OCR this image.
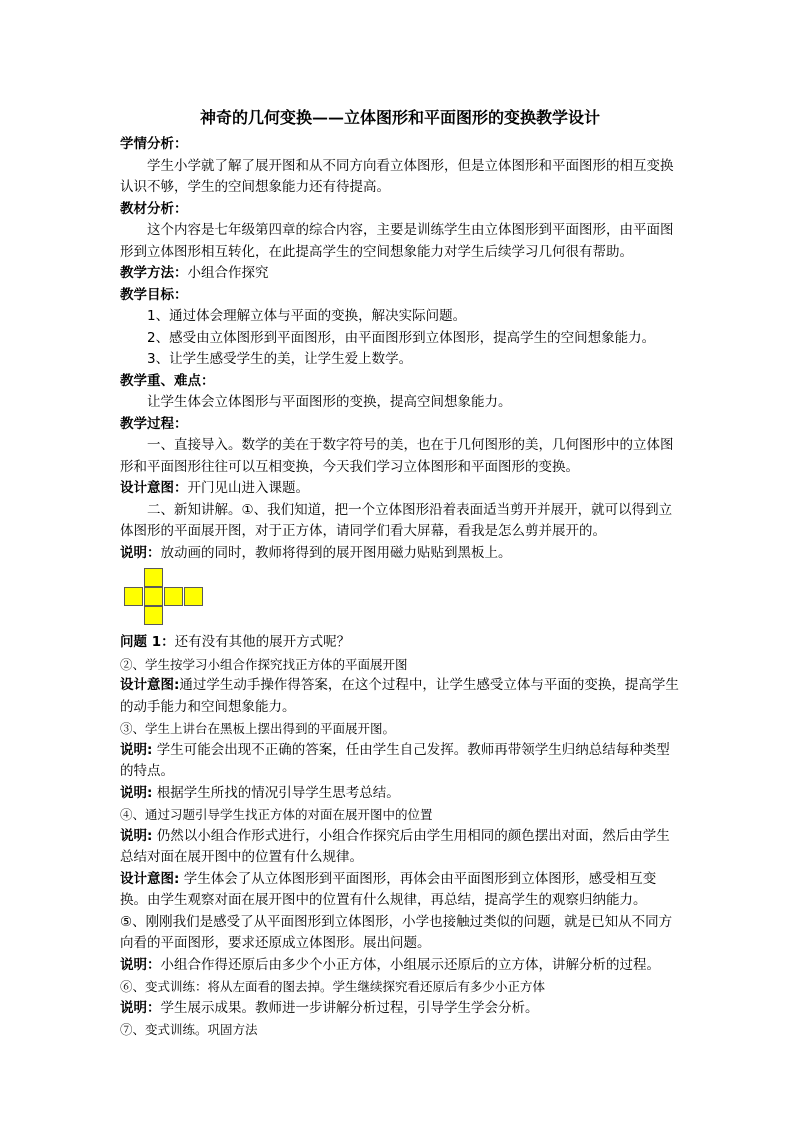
神奇的几何变换——立体图形和平面图形的变换教学设计
学情分析：
学生小学就了解了展开图和从不同方向看立体图形，但是立体图形和平面图形的相互变换认识不够，学生的空间想象能力还有待提高。
教材分析：
这个内容是七年级第四章的综合内容，主要是训练学生由立体图形到平面图形，由平面图形到立体图形相互转化，在此提高学生的空间想象能力对学生后续学习几何很有帮助。
教学方法：小组合作探究
教学目标：
1、通过体会理解立体与平面的变换，解决实际问题。
2、感受由立体图形到平面图形，由平面图形到立体图形，提高学生的空间想象能力。
3、让学生感受学生的美，让学生爱上数学。
教学重、难点：
让学生体会立体图形与平面图形的变换，提高空间想象能力。
教学过程：
一、直接导入。数学的美在于数字符号的美，也在于几何图形的美，几何图形中的立体图形和平面图形往往可以互相变换，今天我们学习立体图形和平面图形的变换。
设计意图：开门见山进入课题。
二、新知讲解。①、我们知道，把一个立体图形沿着表面适当剪开并展开，就可以得到立体图形的平面展开图，对于正方体，请同学们看大屏幕，看我是怎么剪并展开的。
说明：放动画的同时，教师将得到的展开图用磁力贴贴到黑板上。
问题 1：还有没有其他的展开方式呢？
②、学生按学习小组合作探究找正方体的平面展开图
设计意图:通过学生动手操作得答案，在这个过程中，让学生感受立体与平面的变换，提高学生的动手能力和空间想象能力。
③、学生上讲台在黑板上摆出得到的平面展开图。
说明: 学生可能会出现不正确的答案，任由学生自己发挥。教师再带领学生归纳总结每种类型的特点。
说明: 根据学生所找的情况引导学生思考总结。
④、通过习题引导学生找正方体的对面在展开图中的位置
说明: 仍然以小组合作形式进行，小组合作探究后由学生用相同的颜色摆出对面，然后由学生总结对面在展开图中的位置有什么规律。
设计意图: 学生体会了从立体图形到平面图形，再体会由平面图形到立体图形，感受相互变换。由学生观察对面在展开图中的位置有什么规律，再总结，提高学生的观察归纳能力。
⑤、刚刚我们是感受了从平面图形到立体图形，小学也接触过类似的问题，就是已知从不同方向看的平面图形，要求还原成立体图形。展出问题。
说明：小组合作得还原后由多少个小正方体，小组展示还原后的立方体，讲解分析的过程。
⑥、变式训练：将从左面看的图去掉。学生继续探究看还原后有多少小正方体
说明：学生展示成果。教师进一步讲解分析过程，引导学生学会分析。
⑦、变式训练。巩固方法
